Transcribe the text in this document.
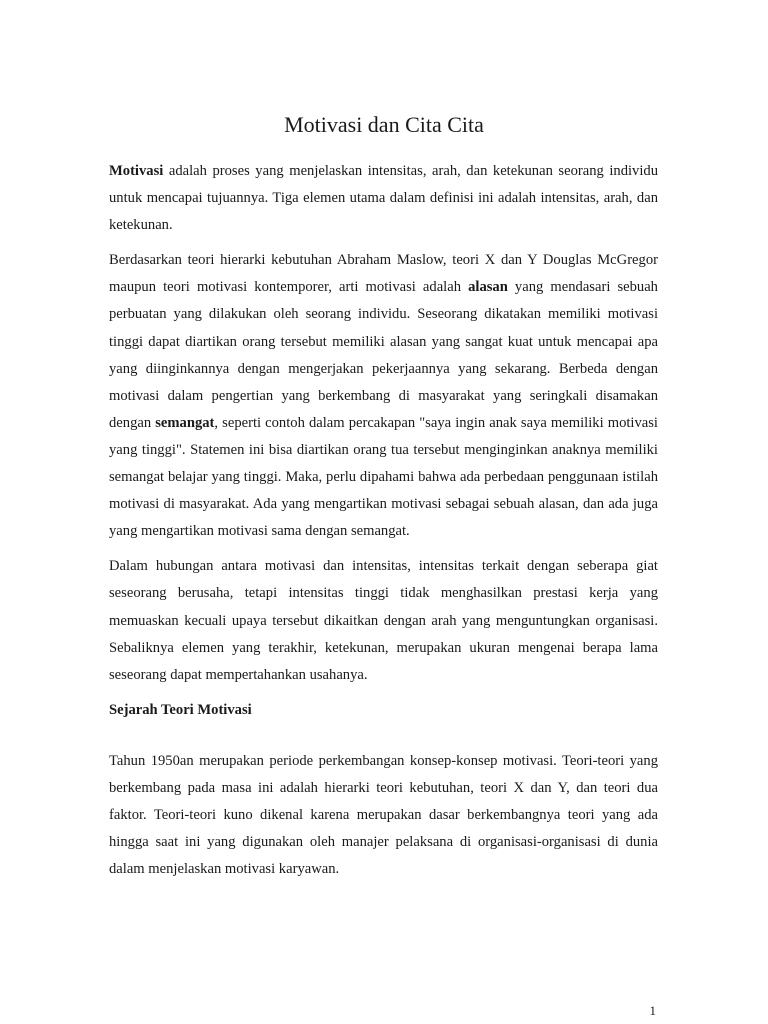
Motivasi dan Cita Cita

Motivasi adalah proses yang menjelaskan intensitas, arah, dan ketekunan seorang individu untuk mencapai tujuannya. Tiga elemen utama dalam definisi ini adalah intensitas, arah, dan ketekunan.

Berdasarkan teori hierarki kebutuhan Abraham Maslow, teori X dan Y Douglas McGregor maupun teori motivasi kontemporer, arti motivasi adalah alasan yang mendasari sebuah perbuatan yang dilakukan oleh seorang individu. Seseorang dikatakan memiliki motivasi tinggi dapat diartikan orang tersebut memiliki alasan yang sangat kuat untuk mencapai apa yang diinginkannya dengan mengerjakan pekerjaannya yang sekarang. Berbeda dengan motivasi dalam pengertian yang berkembang di masyarakat yang seringkali disamakan dengan semangat, seperti contoh dalam percakapan "saya ingin anak saya memiliki motivasi yang tinggi". Statemen ini bisa diartikan orang tua tersebut menginginkan anaknya memiliki semangat belajar yang tinggi. Maka, perlu dipahami bahwa ada perbedaan penggunaan istilah motivasi di masyarakat. Ada yang mengartikan motivasi sebagai sebuah alasan, dan ada juga yang mengartikan motivasi sama dengan semangat.

Dalam hubungan antara motivasi dan intensitas, intensitas terkait dengan seberapa giat seseorang berusaha, tetapi intensitas tinggi tidak menghasilkan prestasi kerja yang memuaskan kecuali upaya tersebut dikaitkan dengan arah yang menguntungkan organisasi. Sebaliknya elemen yang terakhir, ketekunan, merupakan ukuran mengenai berapa lama seseorang dapat mempertahankan usahanya.

Sejarah Teori Motivasi

Tahun 1950an merupakan periode perkembangan konsep-konsep motivasi. Teori-teori yang berkembang pada masa ini adalah hierarki teori kebutuhan, teori X dan Y, dan teori dua faktor. Teori-teori kuno dikenal karena merupakan dasar berkembangnya teori yang ada hingga saat ini yang digunakan oleh manajer pelaksana di organisasi-organisasi di dunia dalam menjelaskan motivasi karyawan.

1
